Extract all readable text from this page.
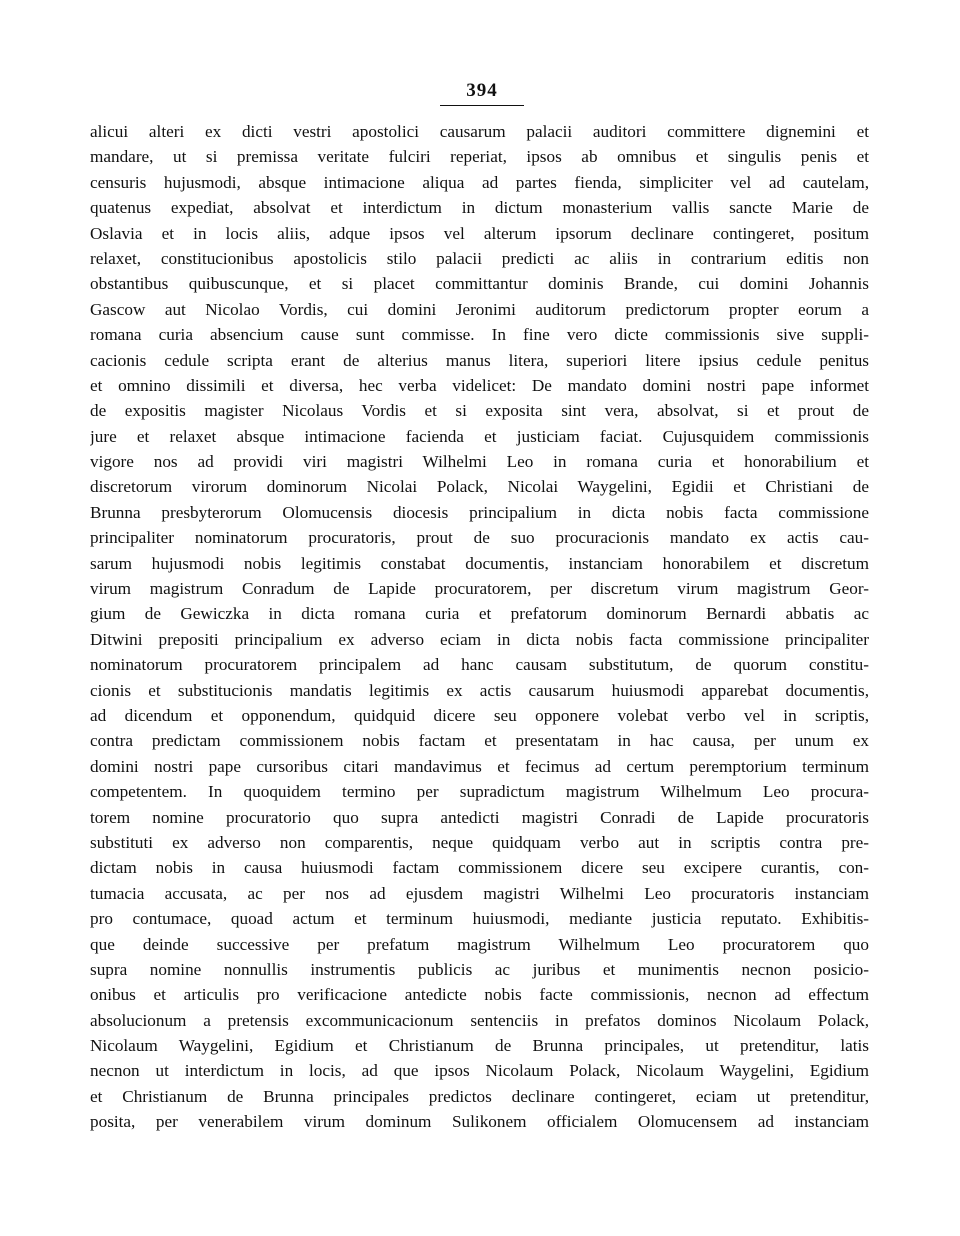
394
alicui alteri ex dicti vestri apostolici causarum palacii auditori committere dignemini et
mandare, ut si premissa veritate fulciri reperiat, ipsos ab omnibus et singulis penis et
censuris hujusmodi, absque intimacione aliqua ad partes fienda, simpliciter vel ad cautelam,
quatenus expediat, absolvat et interdictum in dictum monasterium vallis sancte Marie de
Oslavia et in locis aliis, adque ipsos vel alterum ipsorum declinare contingeret, positum
relaxet, constitucionibus apostolicis stilo palacii predicti ac aliis in contrarium editis non
obstantibus quibuscunque, et si placet committantur dominis Brande, cui domini Johannis
Gascow aut Nicolao Vordis, cui domini Jeronimi auditorum predictorum propter eorum a
romana curia absencium cause sunt commisse. In fine vero dicte commissionis sive suppli-
cacionis cedule scripta erant de alterius manus litera, superiori litere ipsius cedule penitus
et omnino dissimili et diversa, hec verba videlicet: De mandato domini nostri pape informet
de expositis magister Nicolaus Vordis et si exposita sint vera, absolvat, si et prout de
jure et relaxet absque intimacione facienda et justiciam faciat. Cujusquidem commissionis
vigore nos ad providi viri magistri Wilhelmi Leo in romana curia et honorabilium et
discretorum virorum dominorum Nicolai Polack, Nicolai Waygelini, Egidii et Christiani de
Brunna presbyterorum Olomucensis diocesis principalium in dicta nobis facta commissione
principaliter nominatorum procuratoris, prout de suo procuracionis mandato ex actis cau-
sarum hujusmodi nobis legitimis constabat documentis, instanciam honorabilem et discretum
virum magistrum Conradum de Lapide procuratorem, per discretum virum magistrum Geor-
gium de Gewiczka in dicta romana curia et prefatorum dominorum Bernardi abbatis ac
Ditwini prepositi principalium ex adverso eciam in dicta nobis facta commissione principaliter
nominatorum procuratorem principalem ad hanc causam substitutum, de quorum constitu-
cionis et substitucionis mandatis legitimis ex actis causarum huiusmodi apparebat documentis,
ad dicendum et opponendum, quidquid dicere seu opponere volebat verbo vel in scriptis,
contra predictam commissionem nobis factam et presentatam in hac causa, per unum ex
domini nostri pape cursoribus citari mandavimus et fecimus ad certum peremptorium terminum
competentem. In quoquidem termino per supradictum magistrum Wilhelmum Leo procura-
torem nomine procuratorio quo supra antedicti magistri Conradi de Lapide procuratoris
substituti ex adverso non comparentis, neque quidquam verbo aut in scriptis contra pre-
dictam nobis in causa huiusmodi factam commissionem dicere seu excipere curantis, con-
tumacia accusata, ac per nos ad ejusdem magistri Wilhelmi Leo procuratoris instanciam
pro contumace, quoad actum et terminum huiusmodi, mediante justicia reputato. Exhibitis-
que deinde successive per prefatum magistrum Wilhelmum Leo procuratorem quo
supra nomine nonnullis instrumentis publicis ac juribus et munimentis necnon posicio-
onibus et articulis pro verificacione antedicte nobis facte commissionis, necnon ad effectum
absolucionum a pretensis excommunicacionum sentenciis in prefatos dominos Nicolaum Polack,
Nicolaum Waygelini, Egidium et Christianum de Brunna principales, ut pretenditur, latis
necnon ut interdictum in locis, ad que ipsos Nicolaum Polack, Nicolaum Waygelini, Egidium
et Christianum de Brunna principales predictos declinare contingeret, eciam ut pretenditur,
posita, per venerabilem virum dominum Sulikonem officialem Olomucensem ad instanciam
